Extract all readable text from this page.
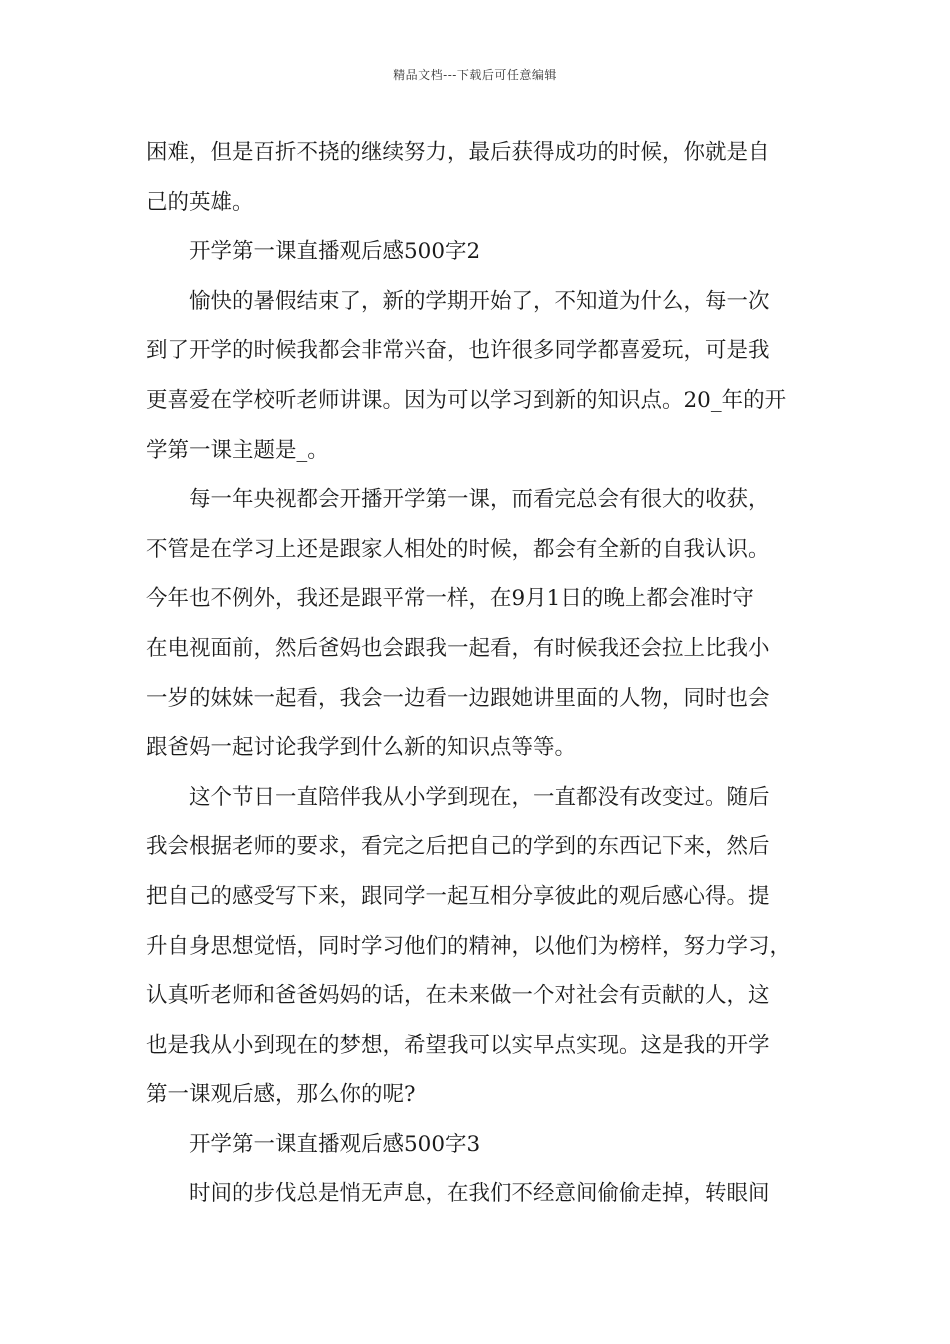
精品文档---下载后可任意编辑
困难，但是百折不挠的继续努力，最后获得成功的时候，你就是自
己的英雄。
开学第一课直播观后感500字2
愉快的暑假结束了，新的学期开始了，不知道为什么，每一次
到了开学的时候我都会非常兴奋，也许很多同学都喜爱玩，可是我
更喜爱在学校听老师讲课。因为可以学习到新的知识点。20_年的开
学第一课主题是_。
每一年央视都会开播开学第一课，而看完总会有很大的收获，
不管是在学习上还是跟家人相处的时候，都会有全新的自我认识。
今年也不例外，我还是跟平常一样，在9月1日的晚上都会准时守
在电视面前，然后爸妈也会跟我一起看，有时候我还会拉上比我小
一岁的妹妹一起看，我会一边看一边跟她讲里面的人物，同时也会
跟爸妈一起讨论我学到什么新的知识点等等。
这个节日一直陪伴我从小学到现在，一直都没有改变过。随后
我会根据老师的要求，看完之后把自己的学到的东西记下来，然后
把自己的感受写下来，跟同学一起互相分享彼此的观后感心得。提
升自身思想觉悟，同时学习他们的精神，以他们为榜样，努力学习，
认真听老师和爸爸妈妈的话，在未来做一个对社会有贡献的人，这
也是我从小到现在的梦想，希望我可以实早点实现。这是我的开学
第一课观后感，那么你的呢?
开学第一课直播观后感500字3
时间的步伐总是悄无声息，在我们不经意间偷偷走掉，转眼间
